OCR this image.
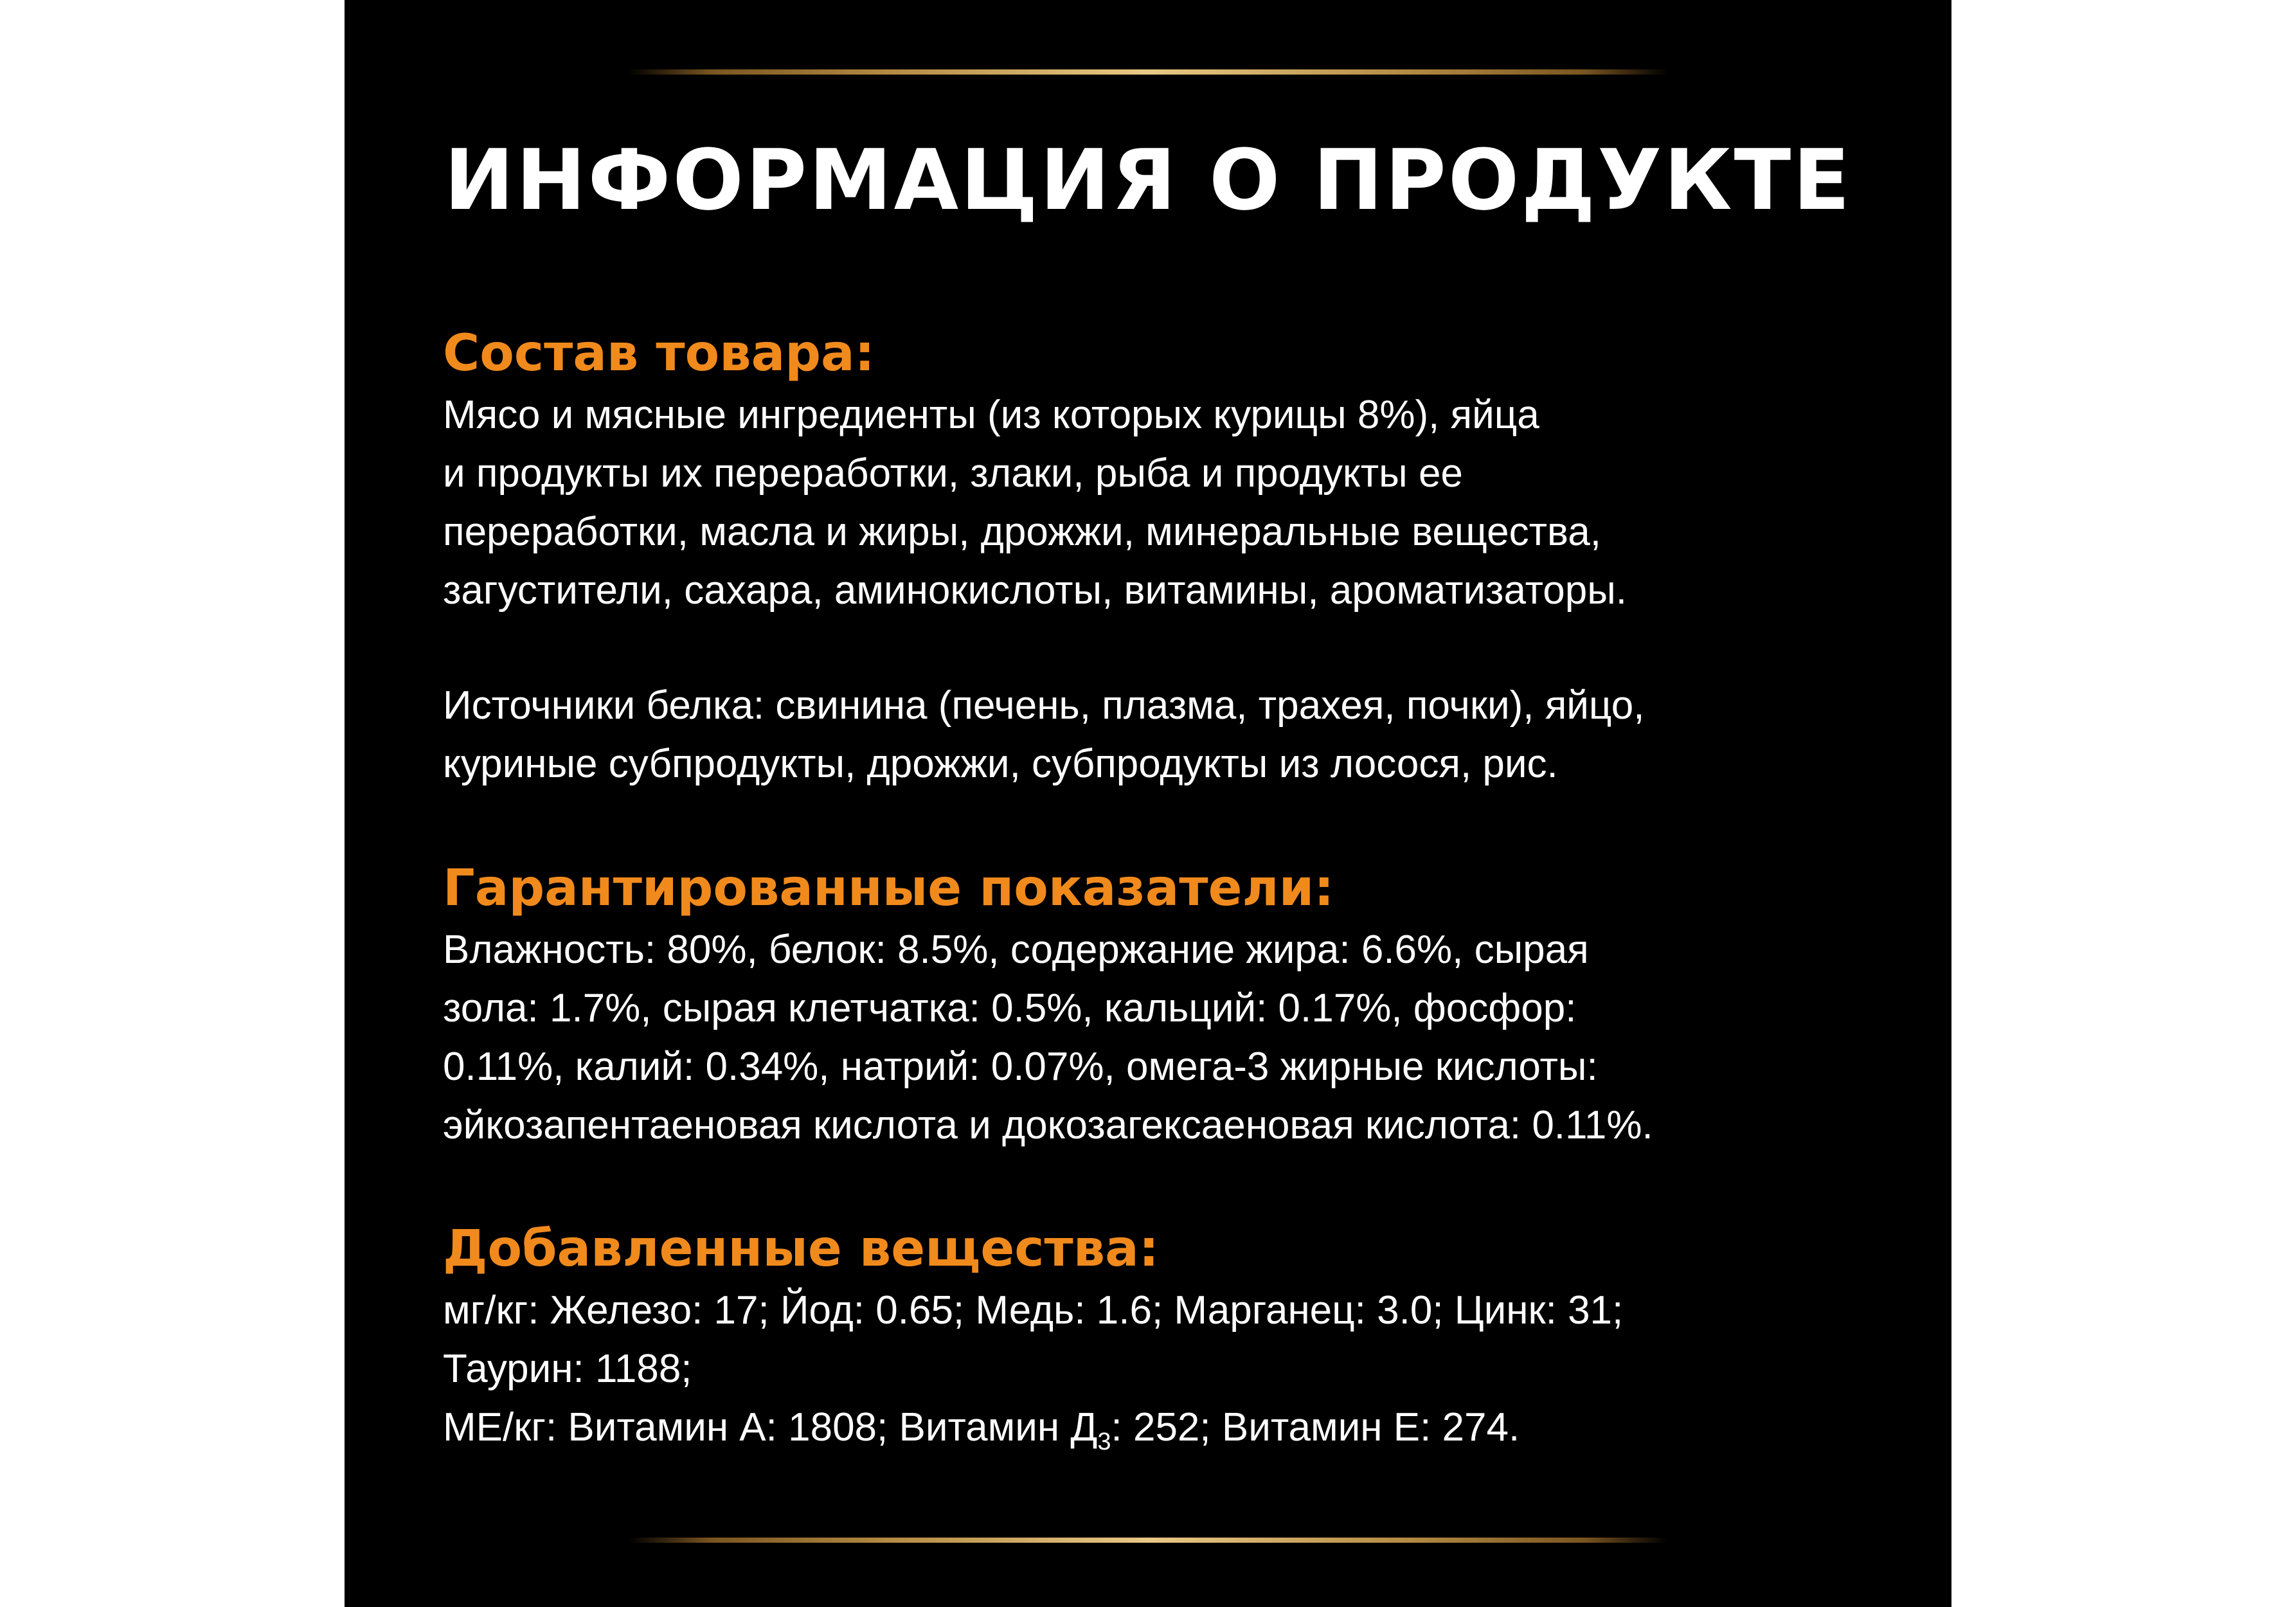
ИНФОРМАЦИЯ О ПРОДУКТЕ

Состав товара:

Мясо и мясные ингредиенты (из которых курицы 8%), яйца
и продукты их переработки, злаки, рыба и продукты ее
переработки, масла и жиры, дрожжи, минеральные вещества,
загустители, сахара, аминокислоты, витамины, ароматизаторы.

Источники белка: свинина (печень, плазма, трахея, почки), яйцо,
куриные субпродукты, дрожжи, субпродукты из лосося, рис.

Гарантированные показатели:

Влажность: 80%, белок: 8.5%, содержание жира: 6.6%, сырая
зола: 1.7%, сырая клетчатка: 0.5%, кальций: 0.17%, фосфор:
0.11%, калий: 0.34%, натрий: 0.07%, омега-3 жирные кислоты:
эйкозапентаеновая кислота и докозагексаеновая кислота: 0.11%.

Добавленные вещества:

мг/кг: Железо: 17; Йод: 0.65; Медь: 1.6; Марганец: 3.0; Цинк: 31;
Таурин: 1188;
МЕ/кг: Витамин А: 1808; Витамин $Д_3$: 252; Витамин Е: 274.
